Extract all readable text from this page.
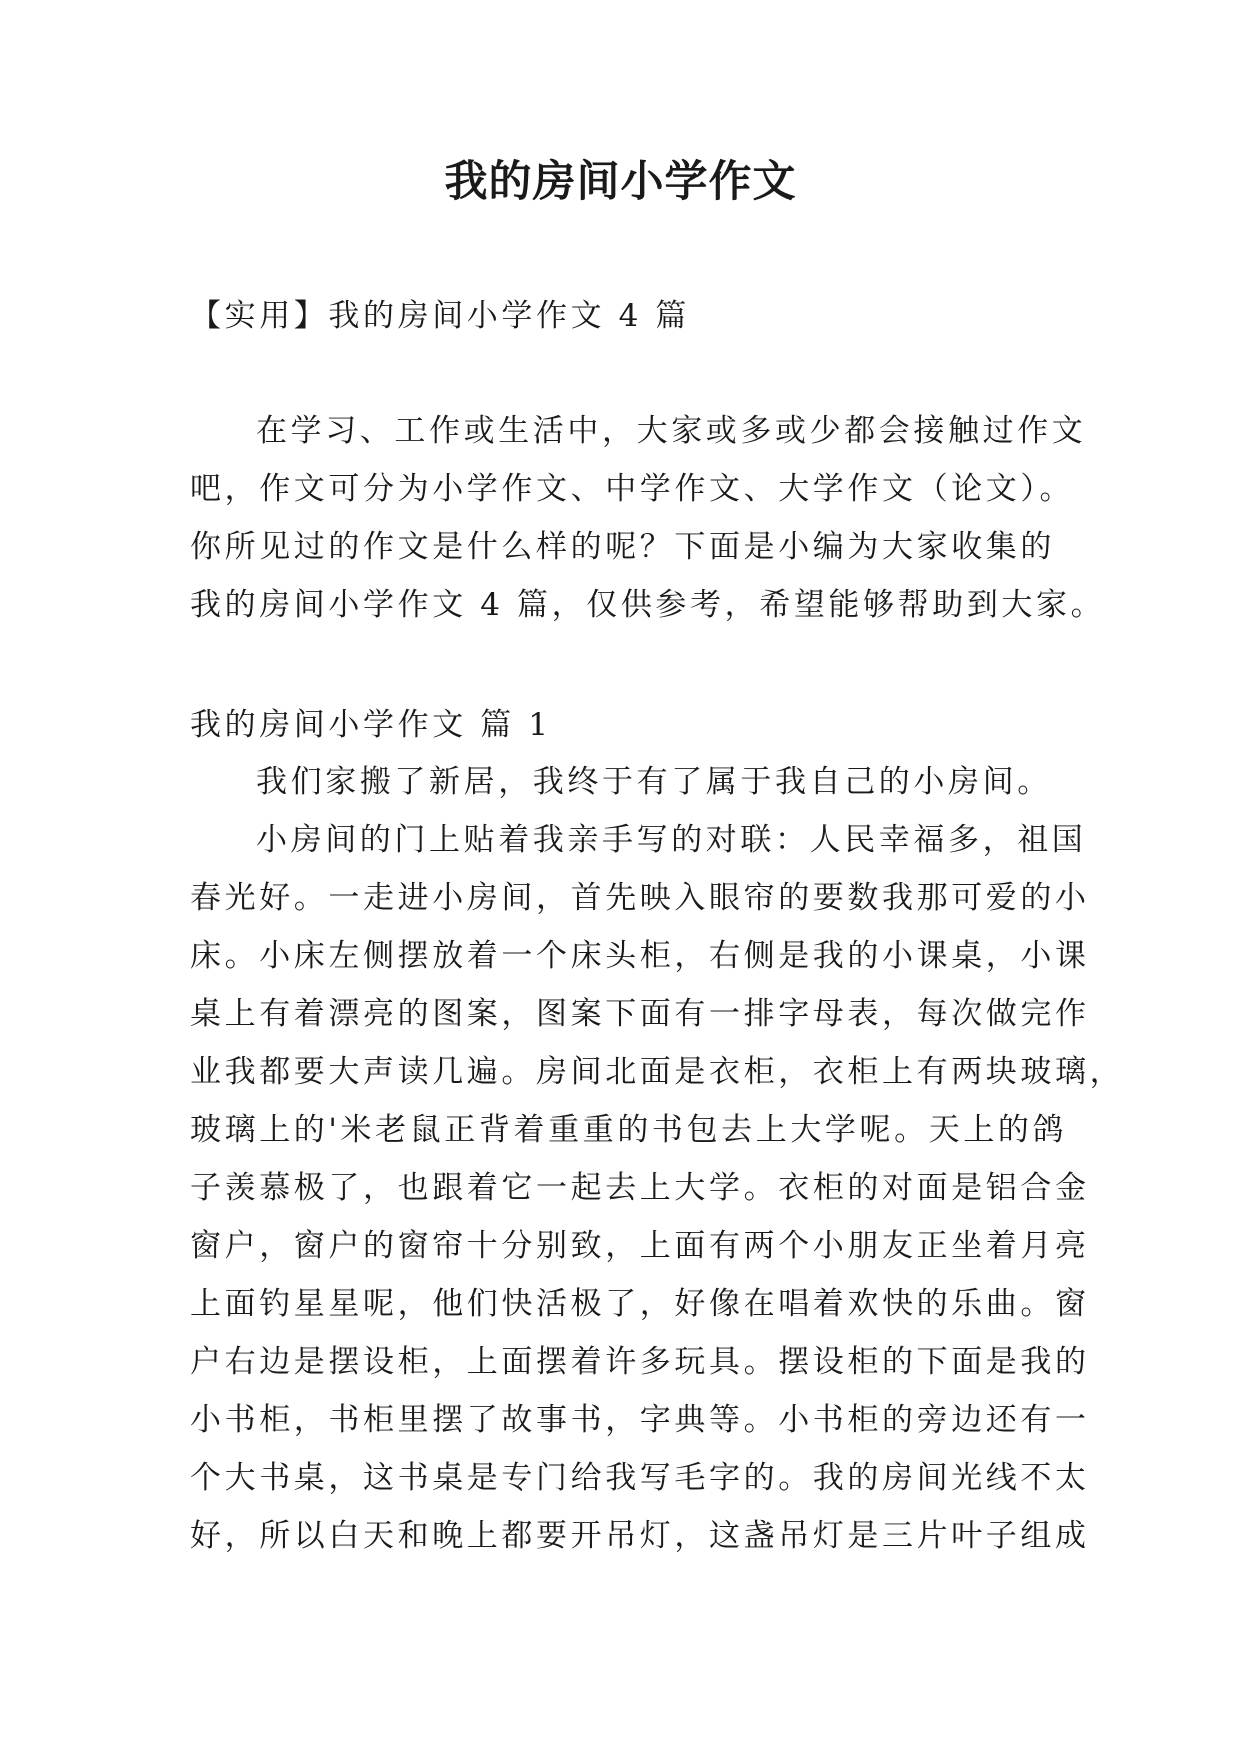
我的房间小学作文

【实用】我的房间小学作文 4 篇

在学习、工作或生活中，大家或多或少都会接触过作文
吧，作文可分为小学作文、中学作文、大学作文（论文）。
你所见过的作文是什么样的呢？下面是小编为大家收集的
我的房间小学作文 4 篇，仅供参考，希望能够帮助到大家。

我的房间小学作文 篇 1

我们家搬了新居，我终于有了属于我自己的小房间。
小房间的门上贴着我亲手写的对联：人民幸福多，祖国
春光好。一走进小房间，首先映入眼帘的要数我那可爱的小
床。小床左侧摆放着一个床头柜，右侧是我的小课桌，小课
桌上有着漂亮的图案，图案下面有一排字母表，每次做完作
业我都要大声读几遍。房间北面是衣柜，衣柜上有两块玻璃，
玻璃上的'米老鼠正背着重重的书包去上大学呢。天上的鸽
子羡慕极了，也跟着它一起去上大学。衣柜的对面是铝合金
窗户，窗户的窗帘十分别致，上面有两个小朋友正坐着月亮
上面钓星星呢，他们快活极了，好像在唱着欢快的乐曲。窗
户右边是摆设柜，上面摆着许多玩具。摆设柜的下面是我的
小书柜，书柜里摆了故事书，字典等。小书柜的旁边还有一
个大书桌，这书桌是专门给我写毛字的。我的房间光线不太
好，所以白天和晚上都要开吊灯，这盏吊灯是三片叶子组成
